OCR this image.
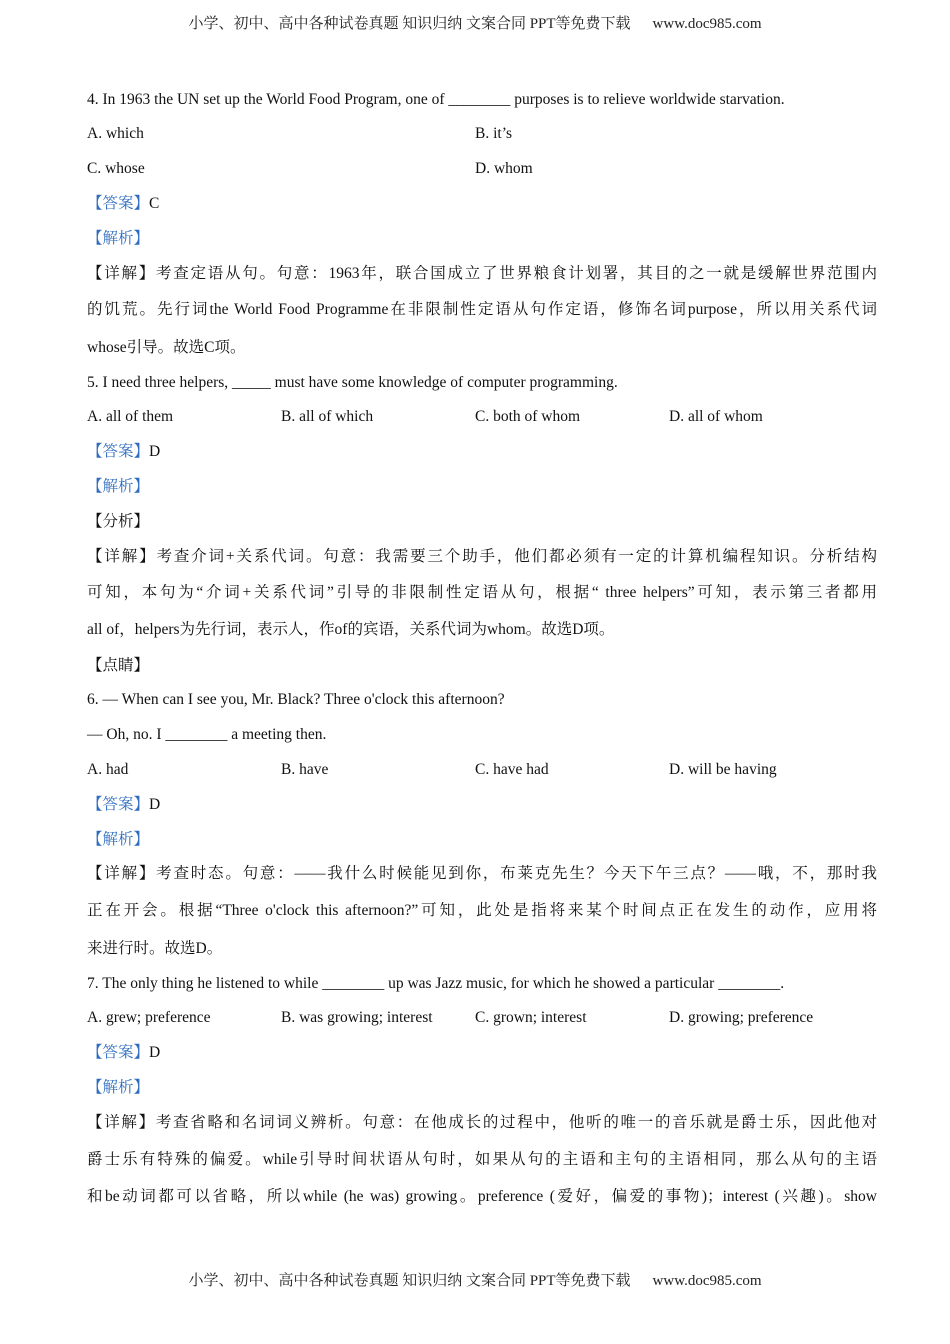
小学、初中、高中各种试卷真题 知识归纳 文案合同 PPT等免费下载 www.doc985.com
4. In 1963 the UN set up the World Food Program, one of ________ purposes is to relieve worldwide starvation.
A. which	B. it’s
C. whose	D. whom
【答案】C
【解析】
【详解】考查定语从句。句意：1963年，联合国成立了世界粮食计划署，其目的之一就是缓解世界范围内
的饥荒。先行词the World Food Programme在非限制性定语从句作定语，修饰名词purpose，所以用关系代词
whose引导。故选C项。
5. I need three helpers, _____ must have some knowledge of computer programming.
A. all of them	B. all of which	C. both of whom	D. all of whom
【答案】D
【解析】
【分析】
【详解】考查介词+关系代词。句意：我需要三个助手，他们都必须有一定的计算机编程知识。分析结构
可知，本句为“介词+关系代词”引导的非限制性定语从句，根据“ three helpers”可知，表示第三者都用
all of，helpers为先行词，表示人，作of的宾语，关系代词为whom。故选D项。
【点睛】
6. — When can I see you, Mr. Black? Three o'clock this afternoon?
— Oh, no. I ________ a meeting then.
A. had	B. have	C. have had	D. will be having
【答案】D
【解析】
【详解】考查时态。句意：——我什么时候能见到你，布莱克先生？今天下午三点？——哦，不，那时我
正在开会。根据“Three o'clock this afternoon?”可知，此处是指将来某个时间点正在发生的动作，应用将
来进行时。故选D。
7. The only thing he listened to while ________ up was Jazz music, for which he showed a particular ________.
A. grew; preference	B. was growing; interest	C. grown; interest	D. growing; preference
【答案】D
【解析】
【详解】考查省略和名词词义辨析。句意：在他成长的过程中，他听的唯一的音乐就是爵士乐，因此他对
爵士乐有特殊的偏爱。while引导时间状语从句时，如果从句的主语和主句的主语相同，那么从句的主语
和be动词都可以省略，所以while (he was) growing。preference (爱好，偏爱的事物)；interest (兴趣)。show
小学、初中、高中各种试卷真题 知识归纳 文案合同 PPT等免费下载 www.doc985.com
